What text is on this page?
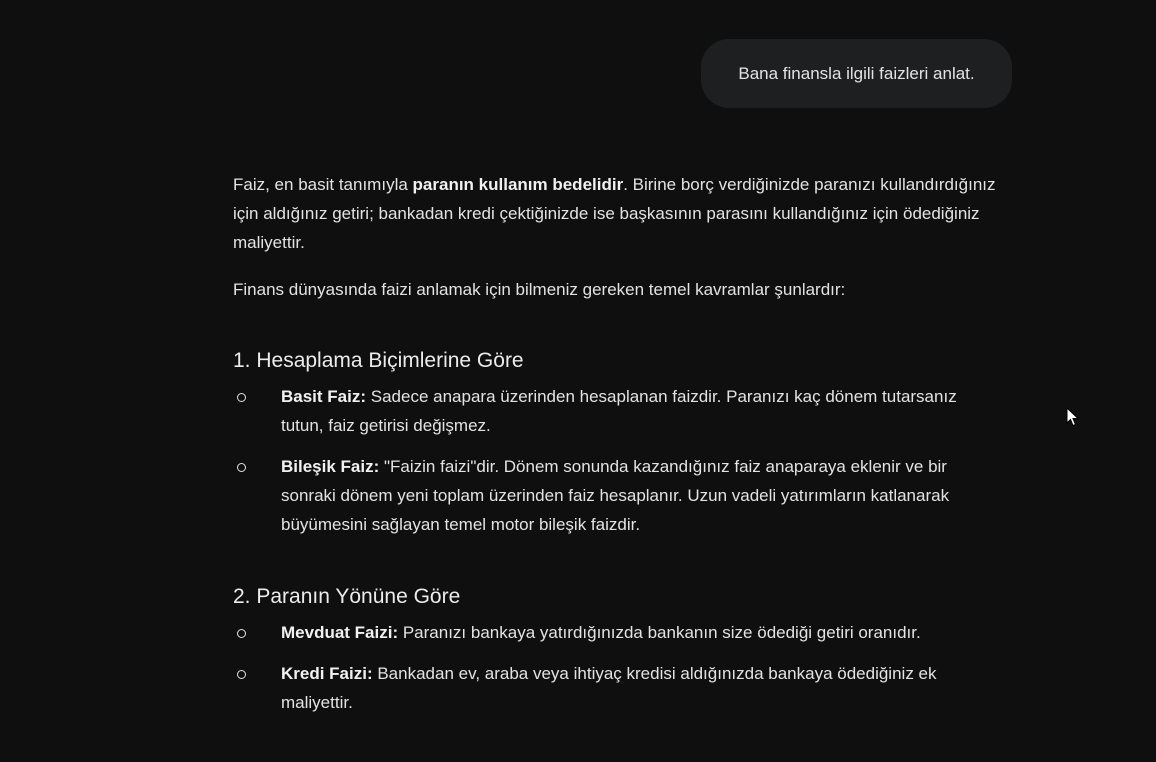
Bana finansla ilgili faizleri anlat.

Faiz, en basit tanımıyla paranın kullanım bedelidir. Birine borç verdiğinizde paranızı kullandırdığınız için aldığınız getiri; bankadan kredi çektiğinizde ise başkasının parasını kullandığınız için ödediğiniz maliyettir.

Finans dünyasında faizi anlamak için bilmeniz gereken temel kavramlar şunlardır:

1. Hesaplama Biçimlerine Göre
Basit Faiz: Sadece anapara üzerinden hesaplanan faizdir. Paranızı kaç dönem tutarsanız tutun, faiz getirisi değişmez.
Bileşik Faiz: "Faizin faizi"dir. Dönem sonunda kazandığınız faiz anaparaya eklenir ve bir sonraki dönem yeni toplam üzerinden faiz hesaplanır. Uzun vadeli yatırımların katlanarak büyümesini sağlayan temel motor bileşik faizdir.
2. Paranın Yönüne Göre
Mevduat Faizi: Paranızı bankaya yatırdığınızda bankanın size ödediği getiri oranıdır.
Kredi Faizi: Bankadan ev, araba veya ihtiyaç kredisi aldığınızda bankaya ödediğiniz ek maliyettir.
